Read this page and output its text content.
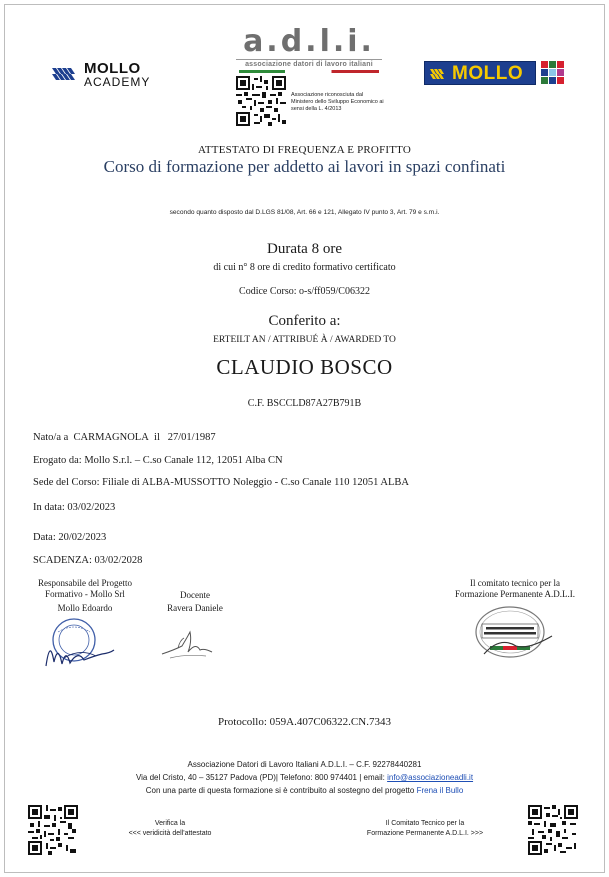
MOLLO
ACADEMY
a.d.l.i.
associazione datori di lavoro italiani
Associazione riconosciuta dal Ministero dello Sviluppo Economico ai sensi della L. 4/2013
MOLLO
ATTESTATO DI FREQUENZA E PROFITTO
Corso di formazione per addetto ai lavori in spazi confinati
secondo quanto disposto dal D.LGS 81/08, Art. 66 e 121, Allegato IV punto 3, Art. 79 e s.m.i.
Durata 8 ore
di cui n° 8 ore di credito formativo certificato
Codice Corso: o-s/ff059/C06322
Conferito a:
ERTEILT AN / ATTRIBUÉ À / AWARDED TO
CLAUDIO BOSCO
C.F. BSCCLD87A27B791B
Nato/a a CARMAGNOLA il 27/01/1987
Erogato da: Mollo S.r.l. – C.so Canale 112, 12051 Alba CN
Sede del Corso: Filiale di ALBA-MUSSOTTO Noleggio - C.so Canale 110 12051 ALBA
In data: 03/02/2023
Data: 20/02/2023
SCADENZA: 03/02/2028
Responsabile del Progetto
Formativo - Mollo Srl
Mollo Edoardo
Docente
Ravera Daniele
Il comitato tecnico per la
Formazione Permanente A.D.L.I.
Protocollo: 059A.407C06322.CN.7343
Associazione Datori di Lavoro Italiani A.D.L.I. – C.F. 92278440281
Via del Cristo, 40 – 35127 Padova (PD)| Telefono: 800 974401 | email: info@associazioneadli.it
Con una parte di questa formazione si è contribuito al sostegno del progetto Frena il Bullo
Verifica la
<<< veridicità dell'attestato
Il Comitato Tecnico per la
Formazione Permanente A.D.L.I. >>>
